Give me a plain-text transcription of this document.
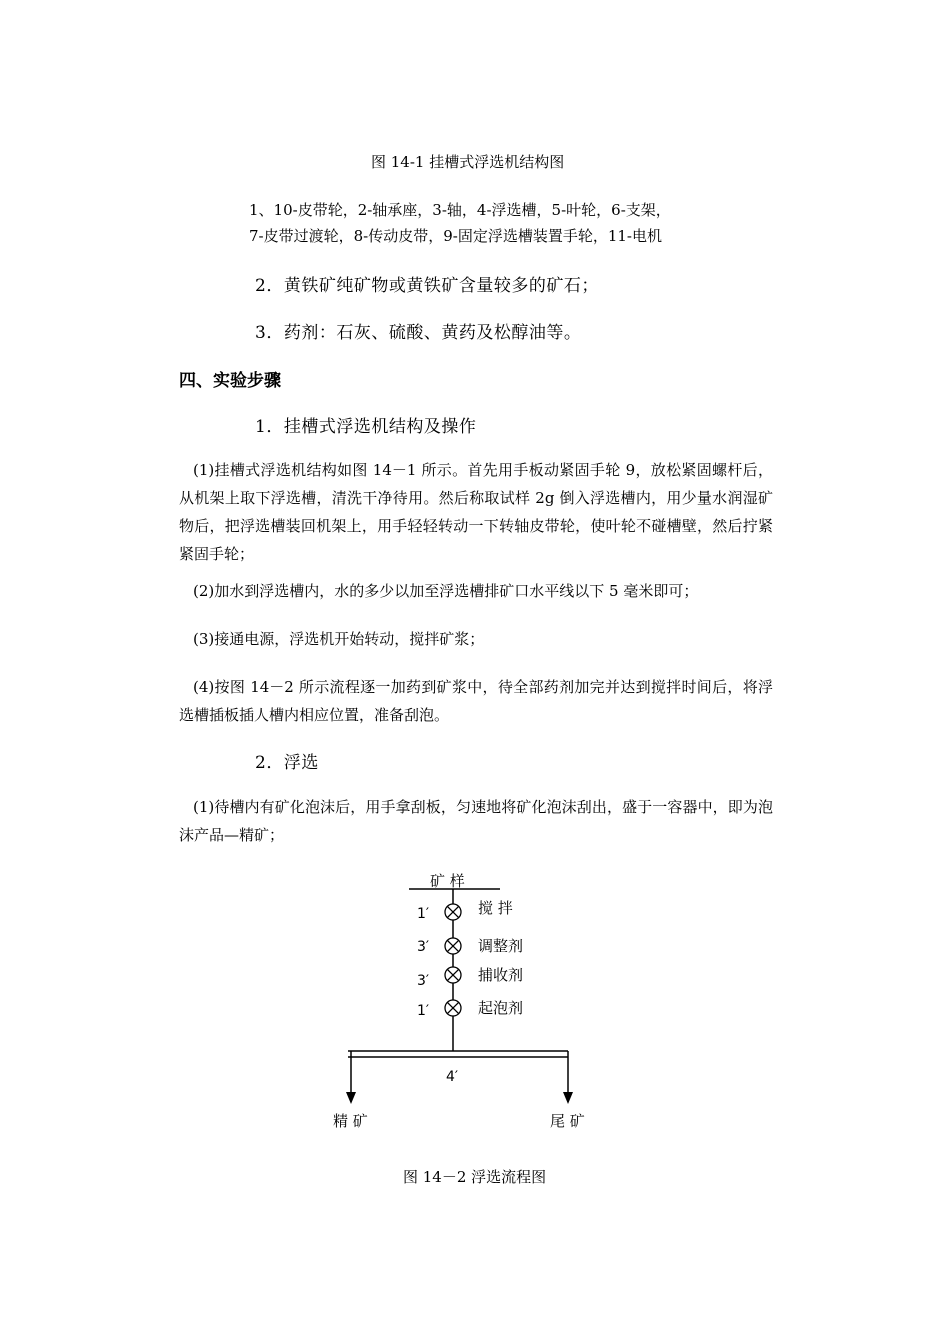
图 14-1 挂槽式浮选机结构图
1、10-皮带轮，2-轴承座，3-轴，4-浮选槽，5-叶轮，6-支架，
7-皮带过渡轮，8-传动皮带，9-固定浮选槽装置手轮，11-电机
2．黄铁矿纯矿物或黄铁矿含量较多的矿石；
3．药剂：石灰、硫酸、黄药及松醇油等。
四、实验步骤
1．挂槽式浮选机结构及操作

(1)挂槽式浮选机结构如图 14－1 所示。首先用手板动紧固手轮 9，放松紧固螺杆后，从机架上取下浮选槽，清洗干净待用。然后称取试样 2g 倒入浮选槽内，用少量水润湿矿物后，把浮选槽装回机架上，用手轻轻转动一下转轴皮带轮，使叶轮不碰槽壁，然后拧紧紧固手轮；

(2)加水到浮选槽内，水的多少以加至浮选槽排矿口水平线以下 5 毫米即可；

(3)接通电源，浮选机开始转动，搅拌矿浆；

(4)按图 14－2 所示流程逐一加药到矿浆中，待全部药剂加完并达到搅拌时间后，将浮选槽插板插人槽内相应位置，准备刮泡。

2．浮选

(1)待槽内有矿化泡沫后，用手拿刮板，匀速地将矿化泡沫刮出，盛于一容器中，即为泡沫产品—精矿；

矿 样
1′	搅 拌
3′	调整剂
3′	捕收剂
1′	起泡剂
4′
精 矿	尾 矿
图 14－2 浮选流程图
